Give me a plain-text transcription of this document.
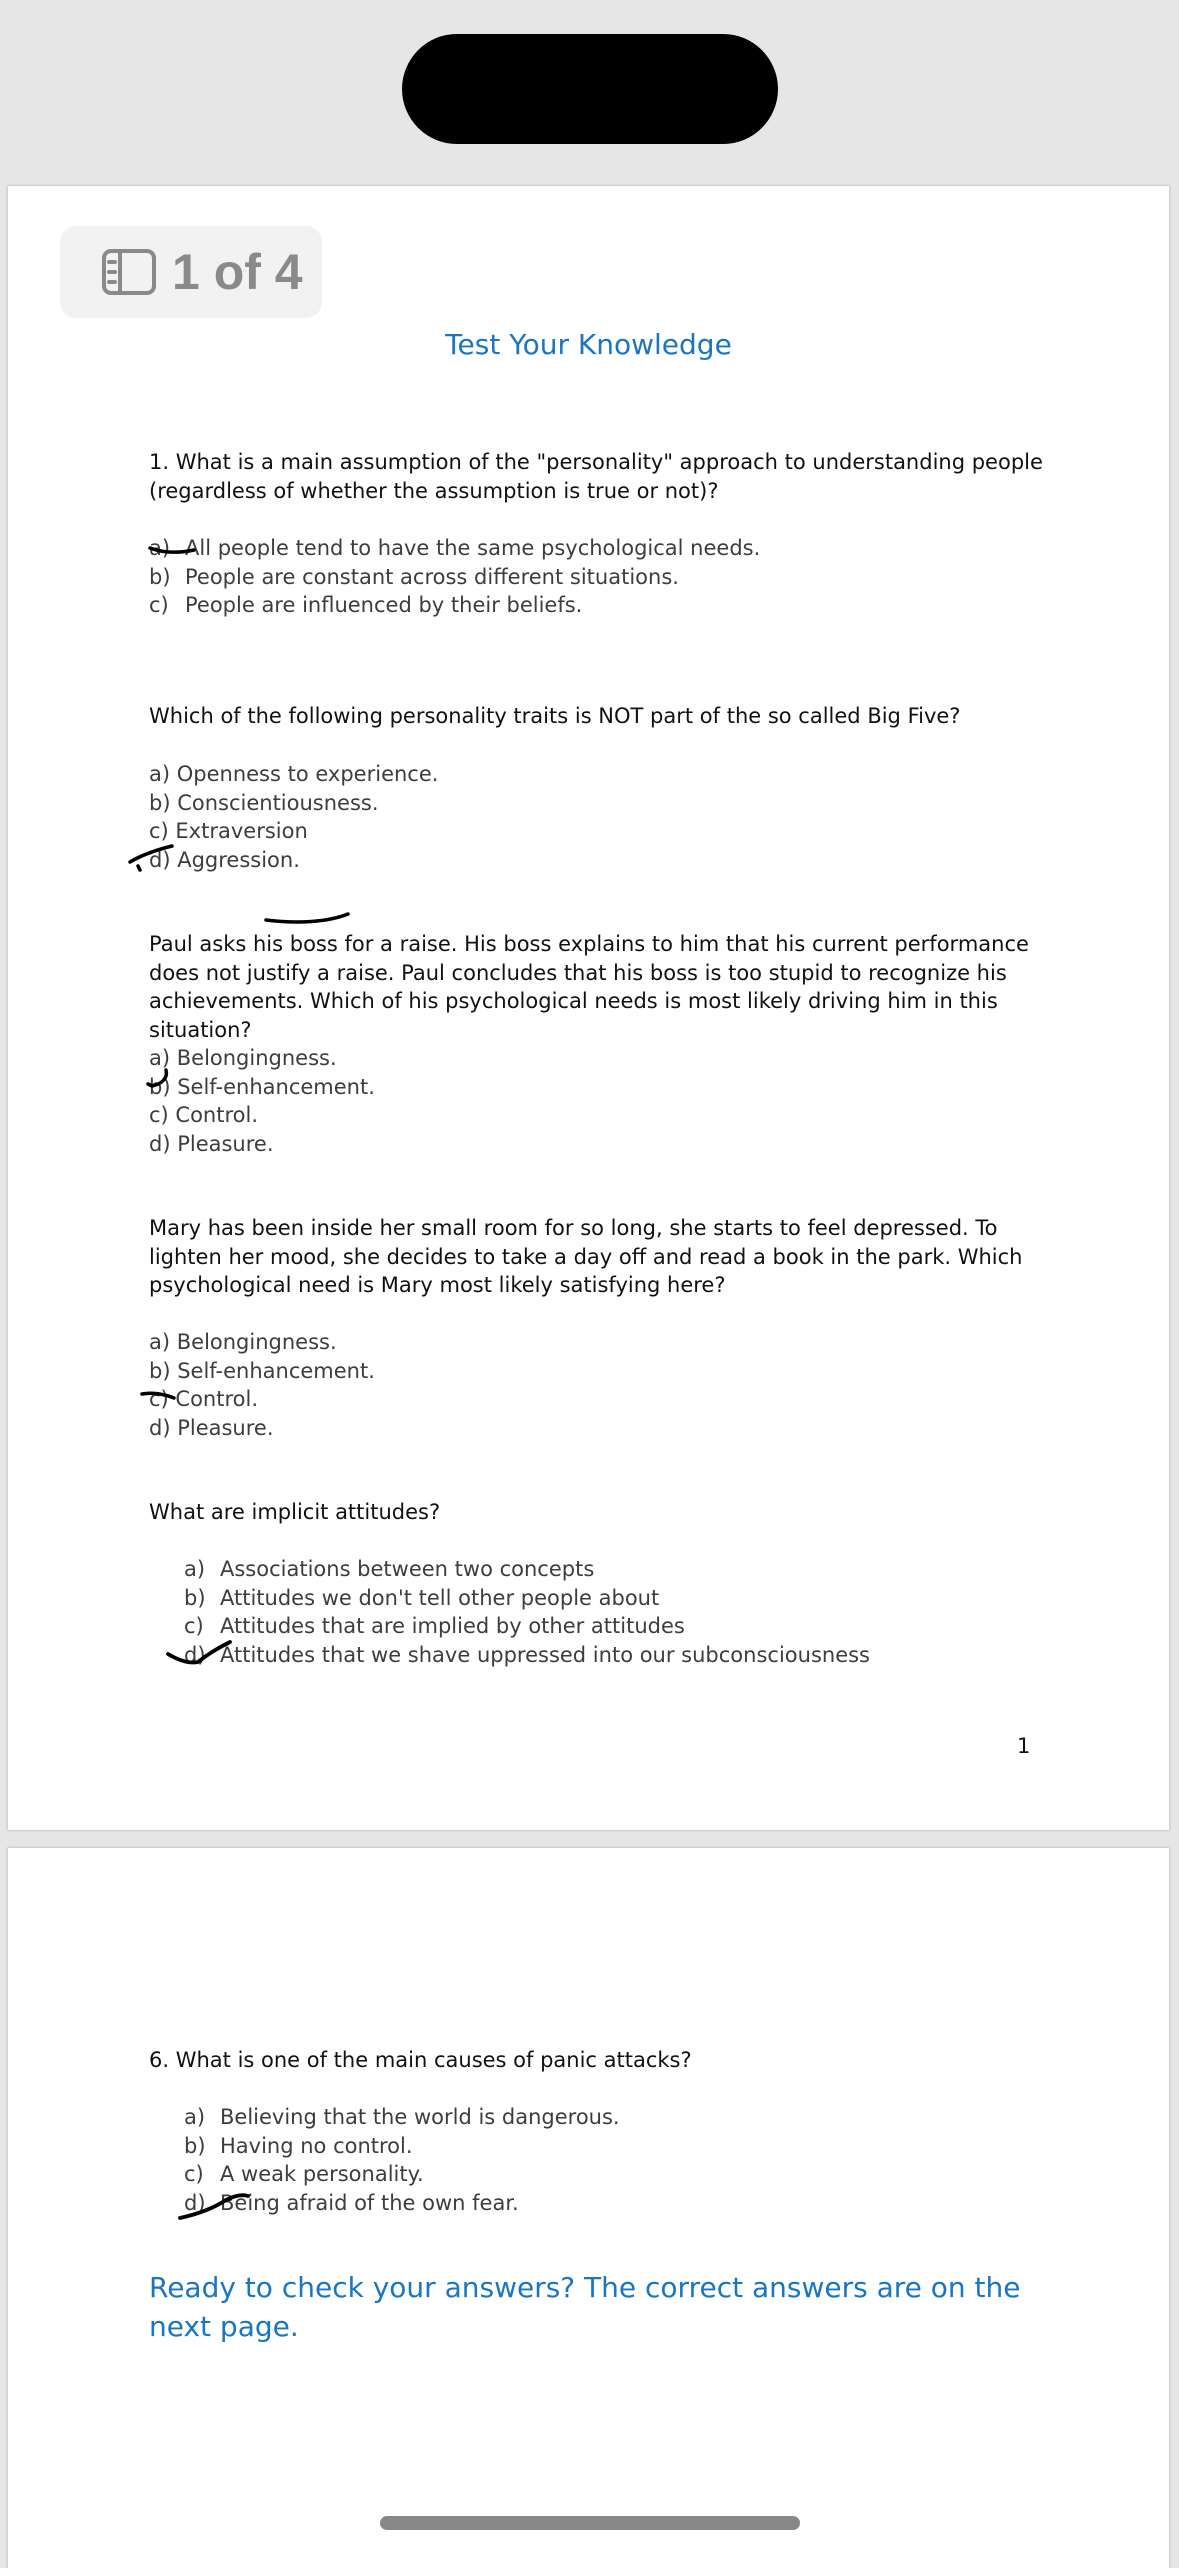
1 of 4
Test Your Knowledge
1. What is a main assumption of the "personality" approach to understanding people (regardless of whether the assumption is true or not)?
a) All people tend to have the same psychological needs.
b) People are constant across different situations.
c) People are influenced by their beliefs.
Which of the following personality traits is NOT part of the so called Big Five?
a) Openness to experience.
b) Conscientiousness.
c) Extraversion
d) Aggression.
Paul asks his boss for a raise. His boss explains to him that his current performance does not justify a raise. Paul concludes that his boss is too stupid to recognize his achievements. Which of his psychological needs is most likely driving him in this situation?
a) Belongingness.
b) Self-enhancement.
c) Control.
d) Pleasure.
Mary has been inside her small room for so long, she starts to feel depressed. To lighten her mood, she decides to take a day off and read a book in the park. Which psychological need is Mary most likely satisfying here?
a) Belongingness.
b) Self-enhancement.
c) Control.
d) Pleasure.
What are implicit attitudes?
a) Associations between two concepts
b) Attitudes we don't tell other people about
c) Attitudes that are implied by other attitudes
d) Attitudes that we shave uppressed into our subconsciousness
1
6. What is one of the main causes of panic attacks?
a) Believing that the world is dangerous.
b) Having no control.
c) A weak personality.
d) Being afraid of the own fear.
Ready to check your answers? The correct answers are on the next page.
